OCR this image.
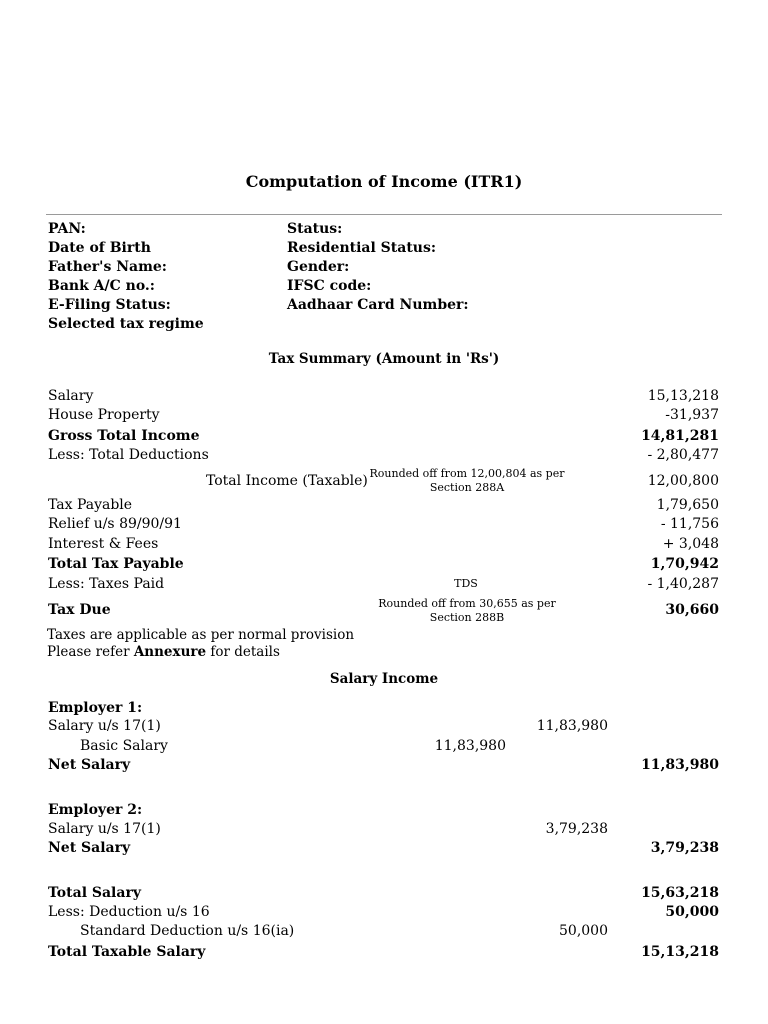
Computation of Income (ITR1)
PAN:
Date of Birth
Father's Name:
Bank A/C no.:
E-Filing Status:
Selected tax regime
Status:
Residential Status:
Gender:
IFSC code:
Aadhaar Card Number:
Tax Summary (Amount in 'Rs')
Salary	15,13,218
House Property	-31,937
Gross Total Income	14,81,281
Less: Total Deductions	- 2,80,477
Total Income (Taxable) Rounded off from 12,00,804 as per Section 288A	12,00,800
Tax Payable	1,79,650
Relief u/s 89/90/91	- 11,756
Interest & Fees	+ 3,048
Total Tax Payable	1,70,942
Less: Taxes Paid	TDS	- 1,40,287
Tax Due	Rounded off from 30,655 as per Section 288B	30,660
Taxes are applicable as per normal provision
Please refer Annexure for details
Salary Income
Employer 1:
Salary u/s 17(1)	11,83,980
Basic Salary	11,83,980
Net Salary	11,83,980
Employer 2:
Salary u/s 17(1)	3,79,238
Net Salary	3,79,238
Total Salary	15,63,218
Less: Deduction u/s 16	50,000
Standard Deduction u/s 16(ia)	50,000
Total Taxable Salary	15,13,218
